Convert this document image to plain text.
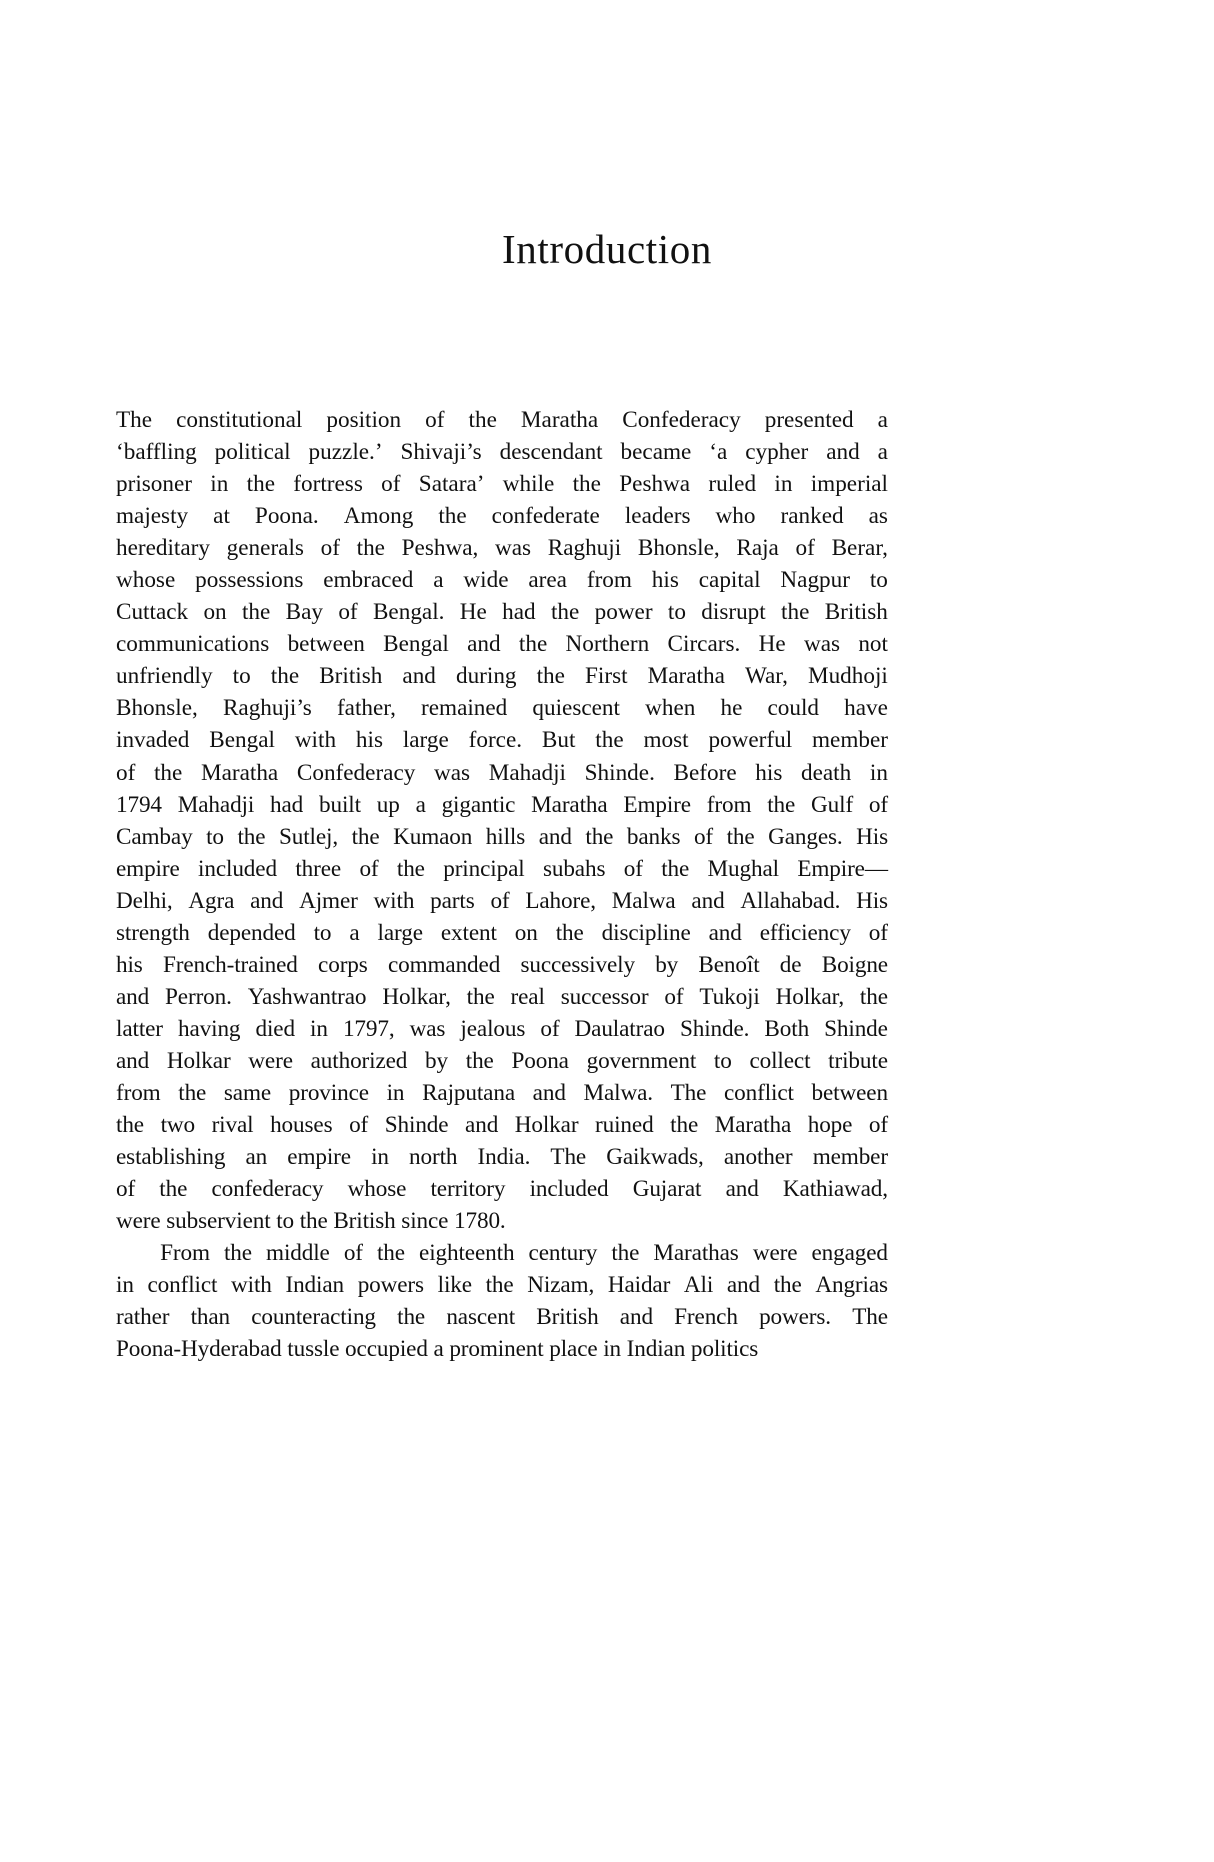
Introduction

The constitutional position of the Maratha Confederacy presented a
‘baffling political puzzle.’ Shivaji’s descendant became ‘a cypher and a
prisoner in the fortress of Satara’ while the Peshwa ruled in imperial
majesty at Poona. Among the confederate leaders who ranked as
hereditary generals of the Peshwa, was Raghuji Bhonsle, Raja of Berar,
whose possessions embraced a wide area from his capital Nagpur to
Cuttack on the Bay of Bengal. He had the power to disrupt the British
communications between Bengal and the Northern Circars. He was not
unfriendly to the British and during the First Maratha War, Mudhoji
Bhonsle, Raghuji’s father, remained quiescent when he could have
invaded Bengal with his large force. But the most powerful member
of the Maratha Confederacy was Mahadji Shinde. Before his death in
1794 Mahadji had built up a gigantic Maratha Empire from the Gulf of
Cambay to the Sutlej, the Kumaon hills and the banks of the Ganges. His
empire included three of the principal subahs of the Mughal Empire—
Delhi, Agra and Ajmer with parts of Lahore, Malwa and Allahabad. His
strength depended to a large extent on the discipline and efficiency of
his French-trained corps commanded successively by Benoît de Boigne
and Perron. Yashwantrao Holkar, the real successor of Tukoji Holkar, the
latter having died in 1797, was jealous of Daulatrao Shinde. Both Shinde
and Holkar were authorized by the Poona government to collect tribute
from the same province in Rajputana and Malwa. The conflict between
the two rival houses of Shinde and Holkar ruined the Maratha hope of
establishing an empire in north India. The Gaikwads, another member
of the confederacy whose territory included Gujarat and Kathiawad,
were subservient to the British since 1780.

From the middle of the eighteenth century the Marathas were engaged
in conflict with Indian powers like the Nizam, Haidar Ali and the Angrias
rather than counteracting the nascent British and French powers. The
Poona-Hyderabad tussle occupied a prominent place in Indian politics
